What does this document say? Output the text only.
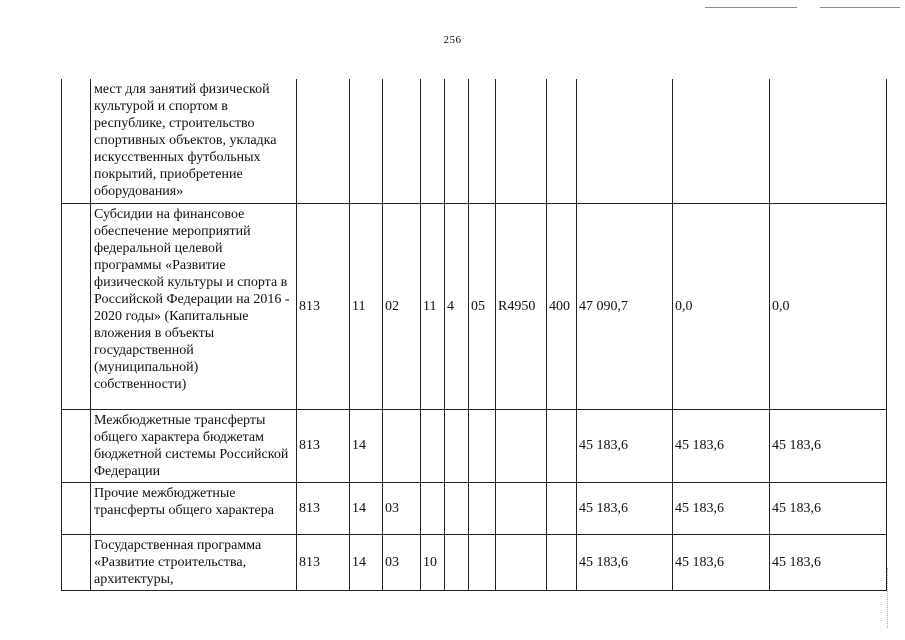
256
	мест для занятий физической культурой и спортом в республике, строительство спортивных объектов, укладка искусственных футбольных покрытий, приобретение оборудования»											
	Субсидии на финансовое обеспечение мероприятий федеральной целевой программы «Развитие физической культуры и спорта в Российской Федерации на 2016 - 2020 годы» (Капитальные вложения в объекты государственной (муниципальной) собственности)	813	11	02	11	4	05	R4950	400	47 090,7	0,0	0,0
	Межбюджетные трансферты общего характера бюджетам бюджетной системы Российской Федерации	813	14							45 183,6	45 183,6	45 183,6
	Прочие межбюджетные трансферты общего характера	813	14	03						45 183,6	45 183,6	45 183,6
	Государственная программа «Развитие строительства, архитектуры,	813	14	03	10					45 183,6	45 183,6	45 183,6
